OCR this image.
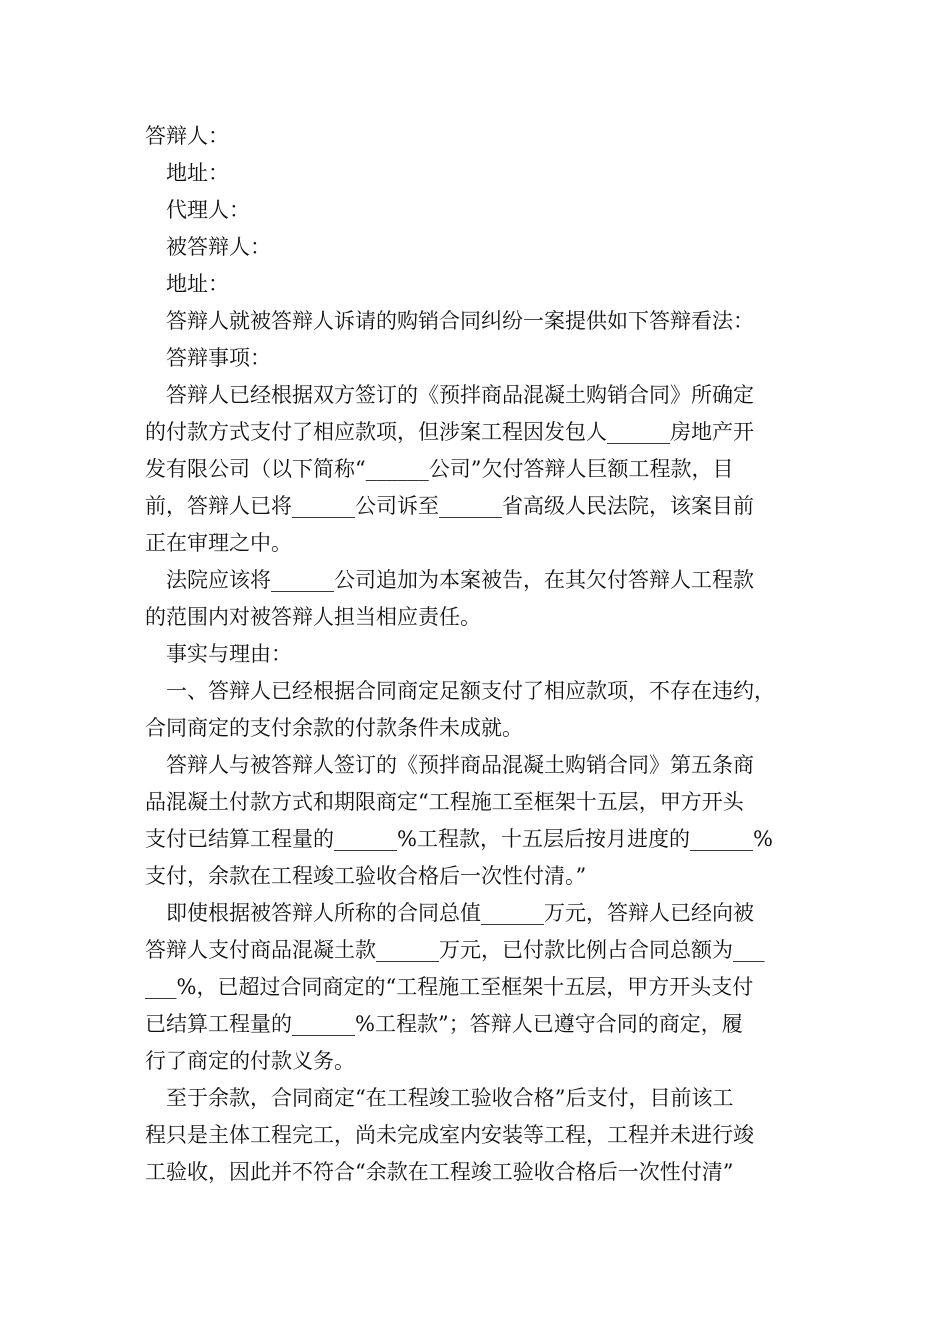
答辩人：

地址：

代理人：

被答辩人：

地址：

答辩人就被答辩人诉请的购销合同纠纷一案提供如下答辩看法：

答辩事项：

答辩人已经根据双方签订的《预拌商品混凝土购销合同》所确定

的付款方式支付了相应款项，但涉案工程因发包人______房地产开

发有限公司（以下简称“______公司”欠付答辩人巨额工程款，目

前，答辩人已将______公司诉至______省高级人民法院，该案目前

正在审理之中。

法院应该将______公司追加为本案被告，在其欠付答辩人工程款

的范围内对被答辩人担当相应责任。

事实与理由：

一、答辩人已经根据合同商定足额支付了相应款项，不存在违约，

合同商定的支付余款的付款条件未成就。

答辩人与被答辩人签订的《预拌商品混凝土购销合同》第五条商

品混凝土付款方式和期限商定“工程施工至框架十五层，甲方开头

支付已结算工程量的______%工程款，十五层后按月进度的______%

支付，余款在工程竣工验收合格后一次性付清。”

即使根据被答辩人所称的合同总值______万元，答辩人已经向被

答辩人支付商品混凝土款______万元，已付款比例占合同总额为___

___%，已超过合同商定的“工程施工至框架十五层，甲方开头支付

已结算工程量的______%工程款”；答辩人已遵守合同的商定，履

行了商定的付款义务。

至于余款，合同商定“在工程竣工验收合格”后支付，目前该工

程只是主体工程完工，尚未完成室内安装等工程，工程并未进行竣

工验收，因此并不符合“余款在工程竣工验收合格后一次性付清”
